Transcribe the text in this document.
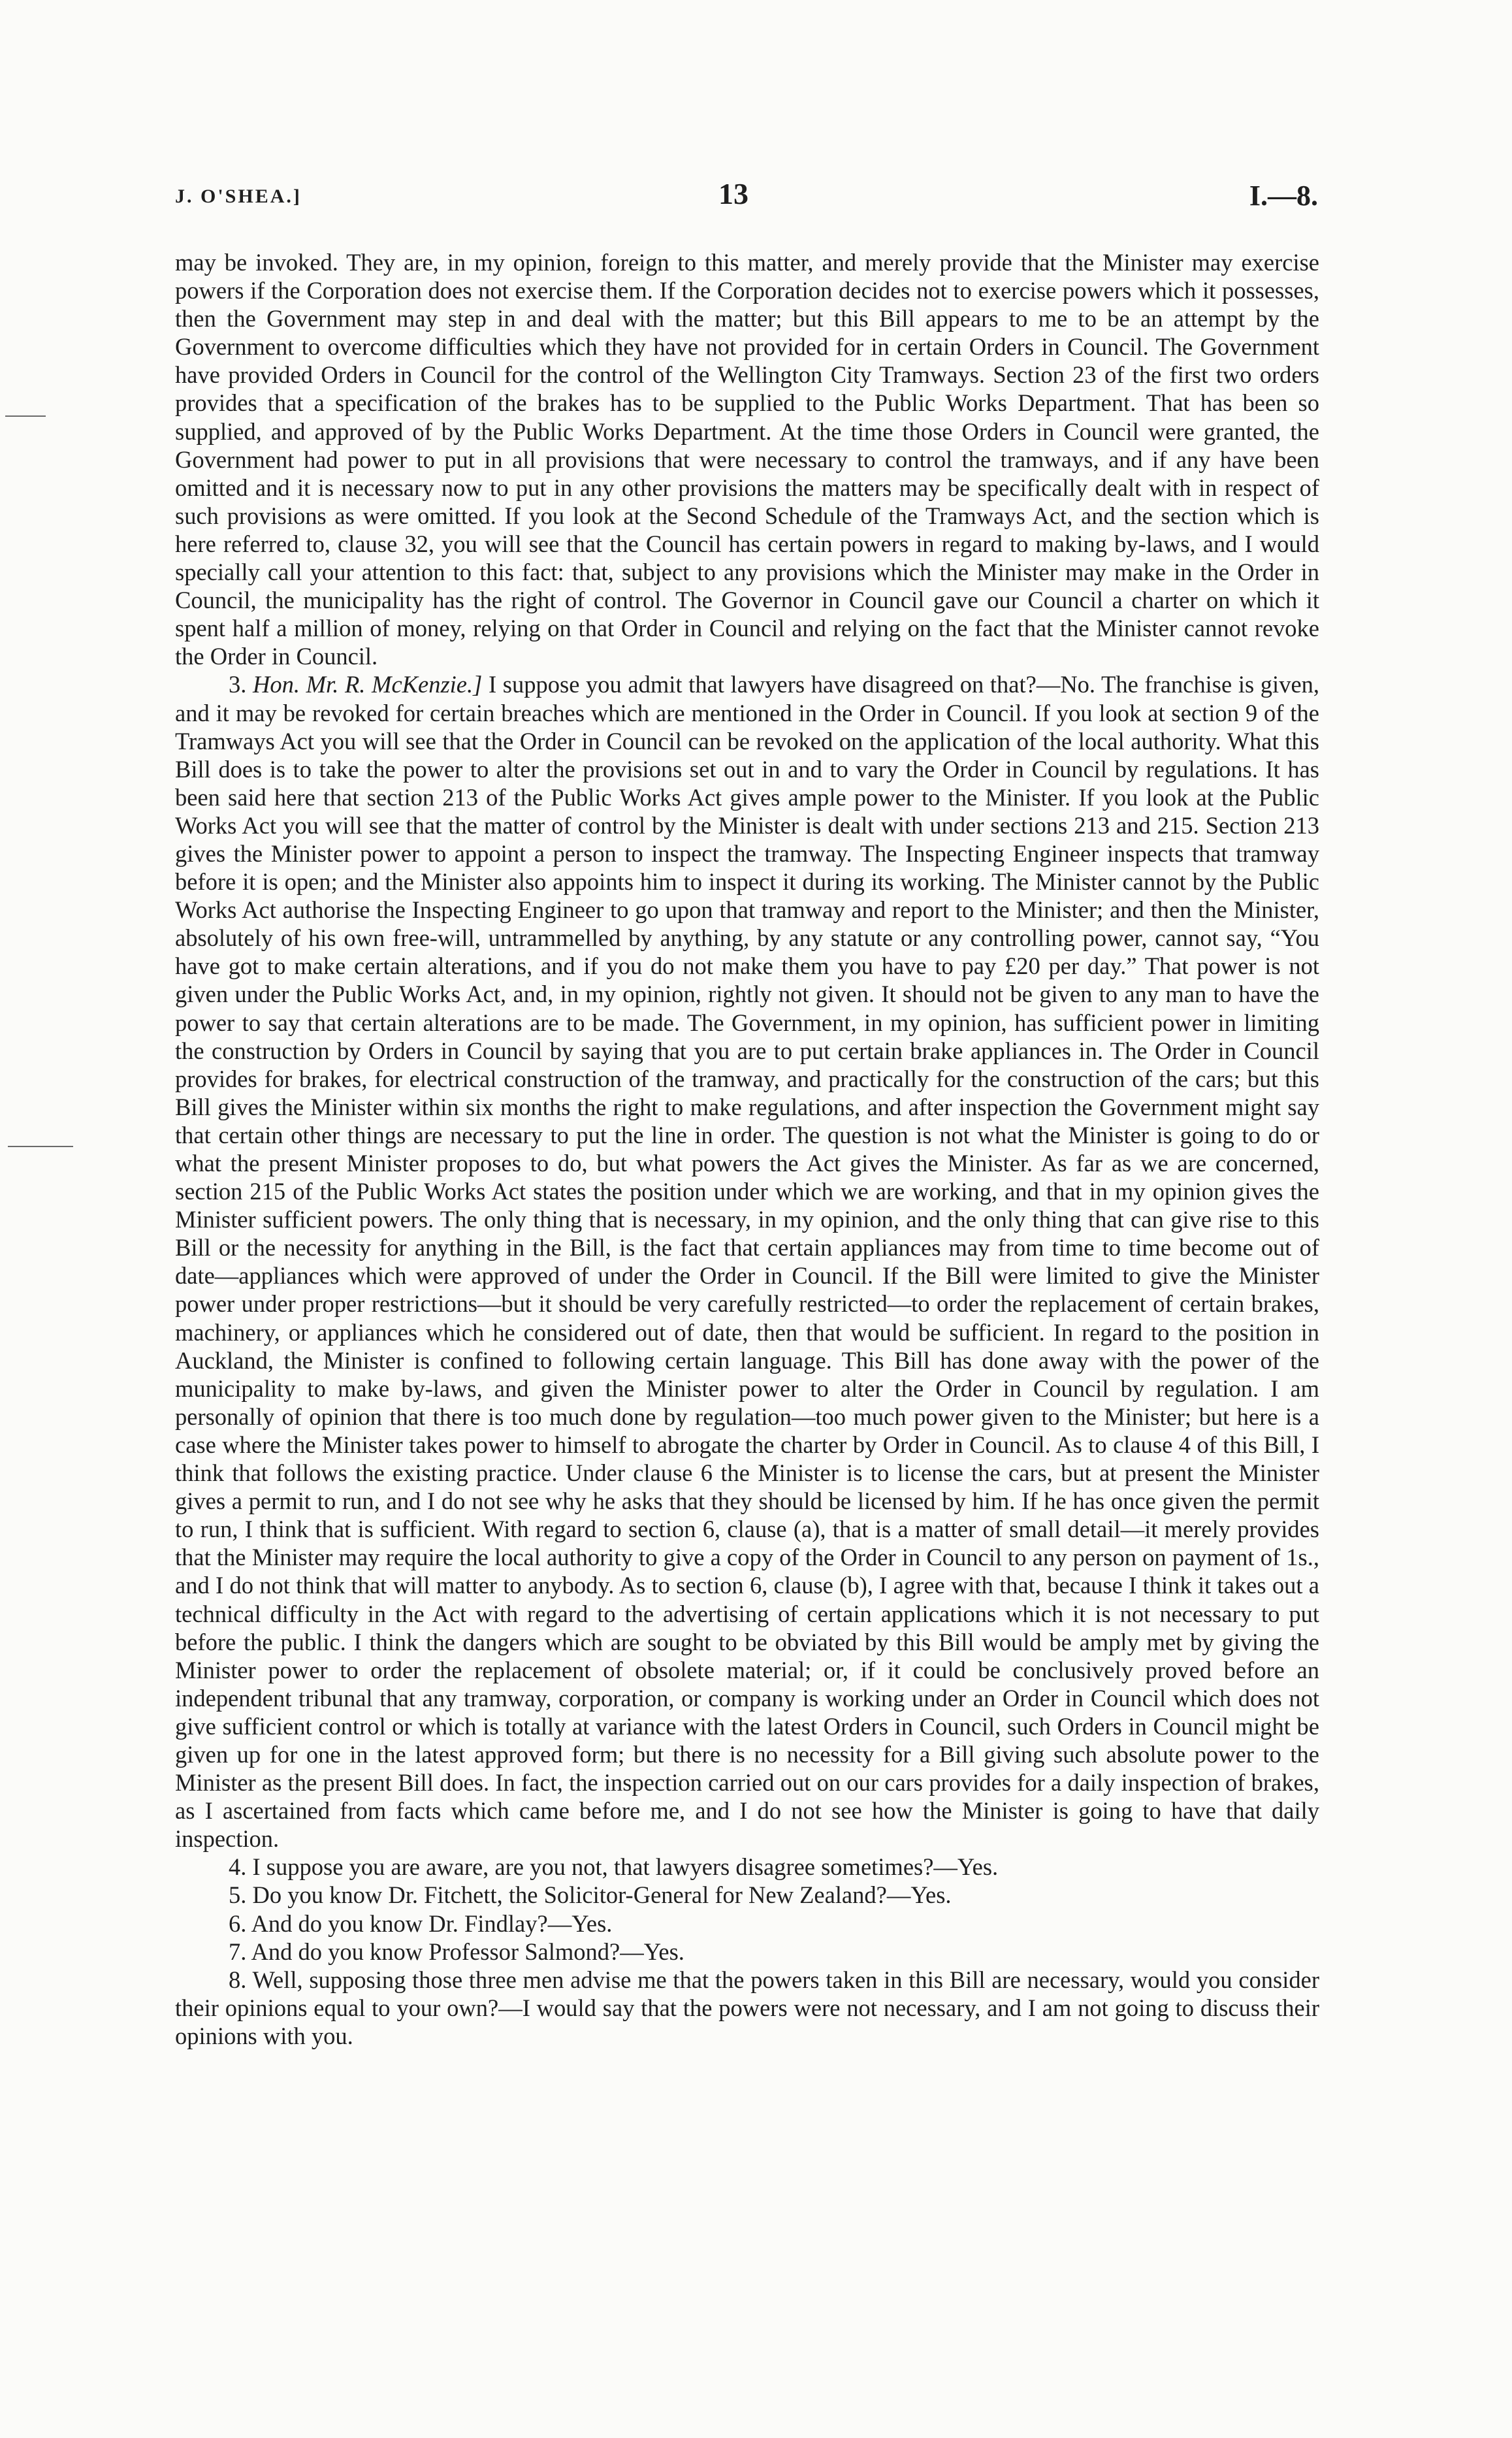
J. O'SHEA.]	13	I.—8.

may be invoked. They are, in my opinion, foreign to this matter, and merely provide that the Minister may exercise powers if the Corporation does not exercise them. If the Corporation decides not to exercise powers which it possesses, then the Government may step in and deal with the matter; but this Bill appears to me to be an attempt by the Government to overcome difficulties which they have not provided for in certain Orders in Council. The Government have provided Orders in Council for the control of the Wellington City Tramways. Section 23 of the first two orders provides that a specification of the brakes has to be supplied to the Public Works Department. That has been so supplied, and approved of by the Public Works Department. At the time those Orders in Council were granted, the Government had power to put in all provisions that were necessary to control the tramways, and if any have been omitted and it is necessary now to put in any other provisions the matters may be specifically dealt with in respect of such provisions as were omitted. If you look at the Second Schedule of the Tramways Act, and the section which is here referred to, clause 32, you will see that the Council has certain powers in regard to making by-laws, and I would specially call your attention to this fact: that, subject to any provisions which the Minister may make in the Order in Council, the municipality has the right of control. The Governor in Council gave our Council a charter on which it spent half a million of money, relying on that Order in Council and relying on the fact that the Minister cannot revoke the Order in Council.

3. Hon. Mr. R. McKenzie.] I suppose you admit that lawyers have disagreed on that?—No. The franchise is given, and it may be revoked for certain breaches which are mentioned in the Order in Council. If you look at section 9 of the Tramways Act you will see that the Order in Council can be revoked on the application of the local authority. What this Bill does is to take the power to alter the provisions set out in and to vary the Order in Council by regulations. It has been said here that section 213 of the Public Works Act gives ample power to the Minister. If you look at the Public Works Act you will see that the matter of control by the Minister is dealt with under sections 213 and 215. Section 213 gives the Minister power to appoint a person to inspect the tramway. The Inspecting Engineer inspects that tramway before it is open; and the Minister also appoints him to inspect it during its working. The Minister cannot by the Public Works Act authorise the Inspecting Engineer to go upon that tramway and report to the Minister; and then the Minister, absolutely of his own free-will, untrammelled by anything, by any statute or any controlling power, cannot say, “You have got to make certain alterations, and if you do not make them you have to pay £20 per day.” That power is not given under the Public Works Act, and, in my opinion, rightly not given. It should not be given to any man to have the power to say that certain alterations are to be made. The Government, in my opinion, has sufficient power in limiting the construction by Orders in Council by saying that you are to put certain brake appliances in. The Order in Council provides for brakes, for electrical construction of the tramway, and practically for the construction of the cars; but this Bill gives the Minister within six months the right to make regulations, and after inspection the Government might say that certain other things are necessary to put the line in order. The question is not what the Minister is going to do or what the present Minister proposes to do, but what powers the Act gives the Minister. As far as we are concerned, section 215 of the Public Works Act states the position under which we are working, and that in my opinion gives the Minister sufficient powers. The only thing that is necessary, in my opinion, and the only thing that can give rise to this Bill or the necessity for anything in the Bill, is the fact that certain appliances may from time to time become out of date—appliances which were approved of under the Order in Council. If the Bill were limited to give the Minister power under proper restrictions—but it should be very carefully restricted—to order the replacement of certain brakes, machinery, or appliances which he considered out of date, then that would be sufficient. In regard to the position in Auckland, the Minister is confined to following certain language. This Bill has done away with the power of the municipality to make by-laws, and given the Minister power to alter the Order in Council by regulation. I am personally of opinion that there is too much done by regulation—too much power given to the Minister; but here is a case where the Minister takes power to himself to abrogate the charter by Order in Council. As to clause 4 of this Bill, I think that follows the existing practice. Under clause 6 the Minister is to license the cars, but at present the Minister gives a permit to run, and I do not see why he asks that they should be licensed by him. If he has once given the permit to run, I think that is sufficient. With regard to section 6, clause (a), that is a matter of small detail—it merely provides that the Minister may require the local authority to give a copy of the Order in Council to any person on payment of 1s., and I do not think that will matter to anybody. As to section 6, clause (b), I agree with that, because I think it takes out a technical difficulty in the Act with regard to the advertising of certain applications which it is not necessary to put before the public. I think the dangers which are sought to be obviated by this Bill would be amply met by giving the Minister power to order the replacement of obsolete material; or, if it could be conclusively proved before an independent tribunal that any tramway, corporation, or company is working under an Order in Council which does not give sufficient control or which is totally at variance with the latest Orders in Council, such Orders in Council might be given up for one in the latest approved form; but there is no necessity for a Bill giving such absolute power to the Minister as the present Bill does. In fact, the inspection carried out on our cars provides for a daily inspection of brakes, as I ascertained from facts which came before me, and I do not see how the Minister is going to have that daily inspection.

4. I suppose you are aware, are you not, that lawyers disagree sometimes?—Yes.

5. Do you know Dr. Fitchett, the Solicitor-General for New Zealand?—Yes.

6. And do you know Dr. Findlay?—Yes.

7. And do you know Professor Salmond?—Yes.

8. Well, supposing those three men advise me that the powers taken in this Bill are necessary, would you consider their opinions equal to your own?—I would say that the powers were not necessary, and I am not going to discuss their opinions with you.
